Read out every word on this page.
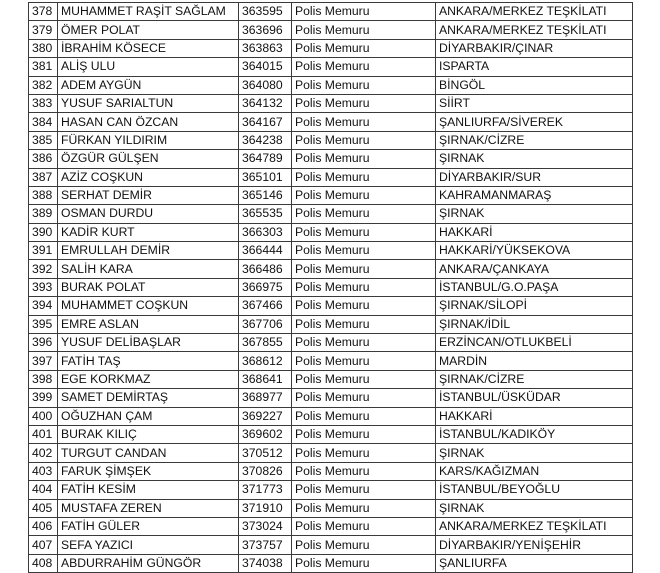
378	MUHAMMET RAŞİT SAĞLAM	363595	Polis Memuru	ANKARA/MERKEZ TEŞKİLATI
379	ÖMER POLAT	363696	Polis Memuru	ANKARA/MERKEZ TEŞKİLATI
380	İBRAHİM KÖSECE	363863	Polis Memuru	DİYARBAKIR/ÇINAR
381	ALİŞ ULU	364015	Polis Memuru	ISPARTA
382	ADEM AYGÜN	364080	Polis Memuru	BİNGÖL
383	YUSUF SARIALTUN	364132	Polis Memuru	SİİRT
384	HASAN CAN ÖZCAN	364167	Polis Memuru	ŞANLIURFA/SİVEREK
385	FÜRKAN YILDIRIM	364238	Polis Memuru	ŞIRNAK/CİZRE
386	ÖZGÜR GÜLŞEN	364789	Polis Memuru	ŞIRNAK
387	AZİZ COŞKUN	365101	Polis Memuru	DİYARBAKIR/SUR
388	SERHAT DEMİR	365146	Polis Memuru	KAHRAMANMARAŞ
389	OSMAN DURDU	365535	Polis Memuru	ŞIRNAK
390	KADİR KURT	366303	Polis Memuru	HAKKARİ
391	EMRULLAH DEMİR	366444	Polis Memuru	HAKKARİ/YÜKSEKOVA
392	SALİH KARA	366486	Polis Memuru	ANKARA/ÇANKAYA
393	BURAK POLAT	366975	Polis Memuru	İSTANBUL/G.O.PAŞA
394	MUHAMMET COŞKUN	367466	Polis Memuru	ŞIRNAK/SİLOPİ
395	EMRE ASLAN	367706	Polis Memuru	ŞIRNAK/İDİL
396	YUSUF DELİBAŞLAR	367855	Polis Memuru	ERZİNCAN/OTLUKBELİ
397	FATİH TAŞ	368612	Polis Memuru	MARDİN
398	EGE KORKMAZ	368641	Polis Memuru	ŞIRNAK/CİZRE
399	SAMET DEMİRTAŞ	368977	Polis Memuru	İSTANBUL/ÜSKÜDAR
400	OĞUZHAN ÇAM	369227	Polis Memuru	HAKKARİ
401	BURAK KILIÇ	369602	Polis Memuru	İSTANBUL/KADIKÖY
402	TURGUT CANDAN	370512	Polis Memuru	ŞIRNAK
403	FARUK ŞİMŞEK	370826	Polis Memuru	KARS/KAĞIZMAN
404	FATİH KESİM	371773	Polis Memuru	İSTANBUL/BEYOĞLU
405	MUSTAFA ZEREN	371910	Polis Memuru	ŞIRNAK
406	FATİH GÜLER	373024	Polis Memuru	ANKARA/MERKEZ TEŞKİLATI
407	SEFA YAZICI	373757	Polis Memuru	DİYARBAKIR/YENİŞEHİR
408	ABDURRAHİM GÜNGÖR	374038	Polis Memuru	ŞANLIURFA
